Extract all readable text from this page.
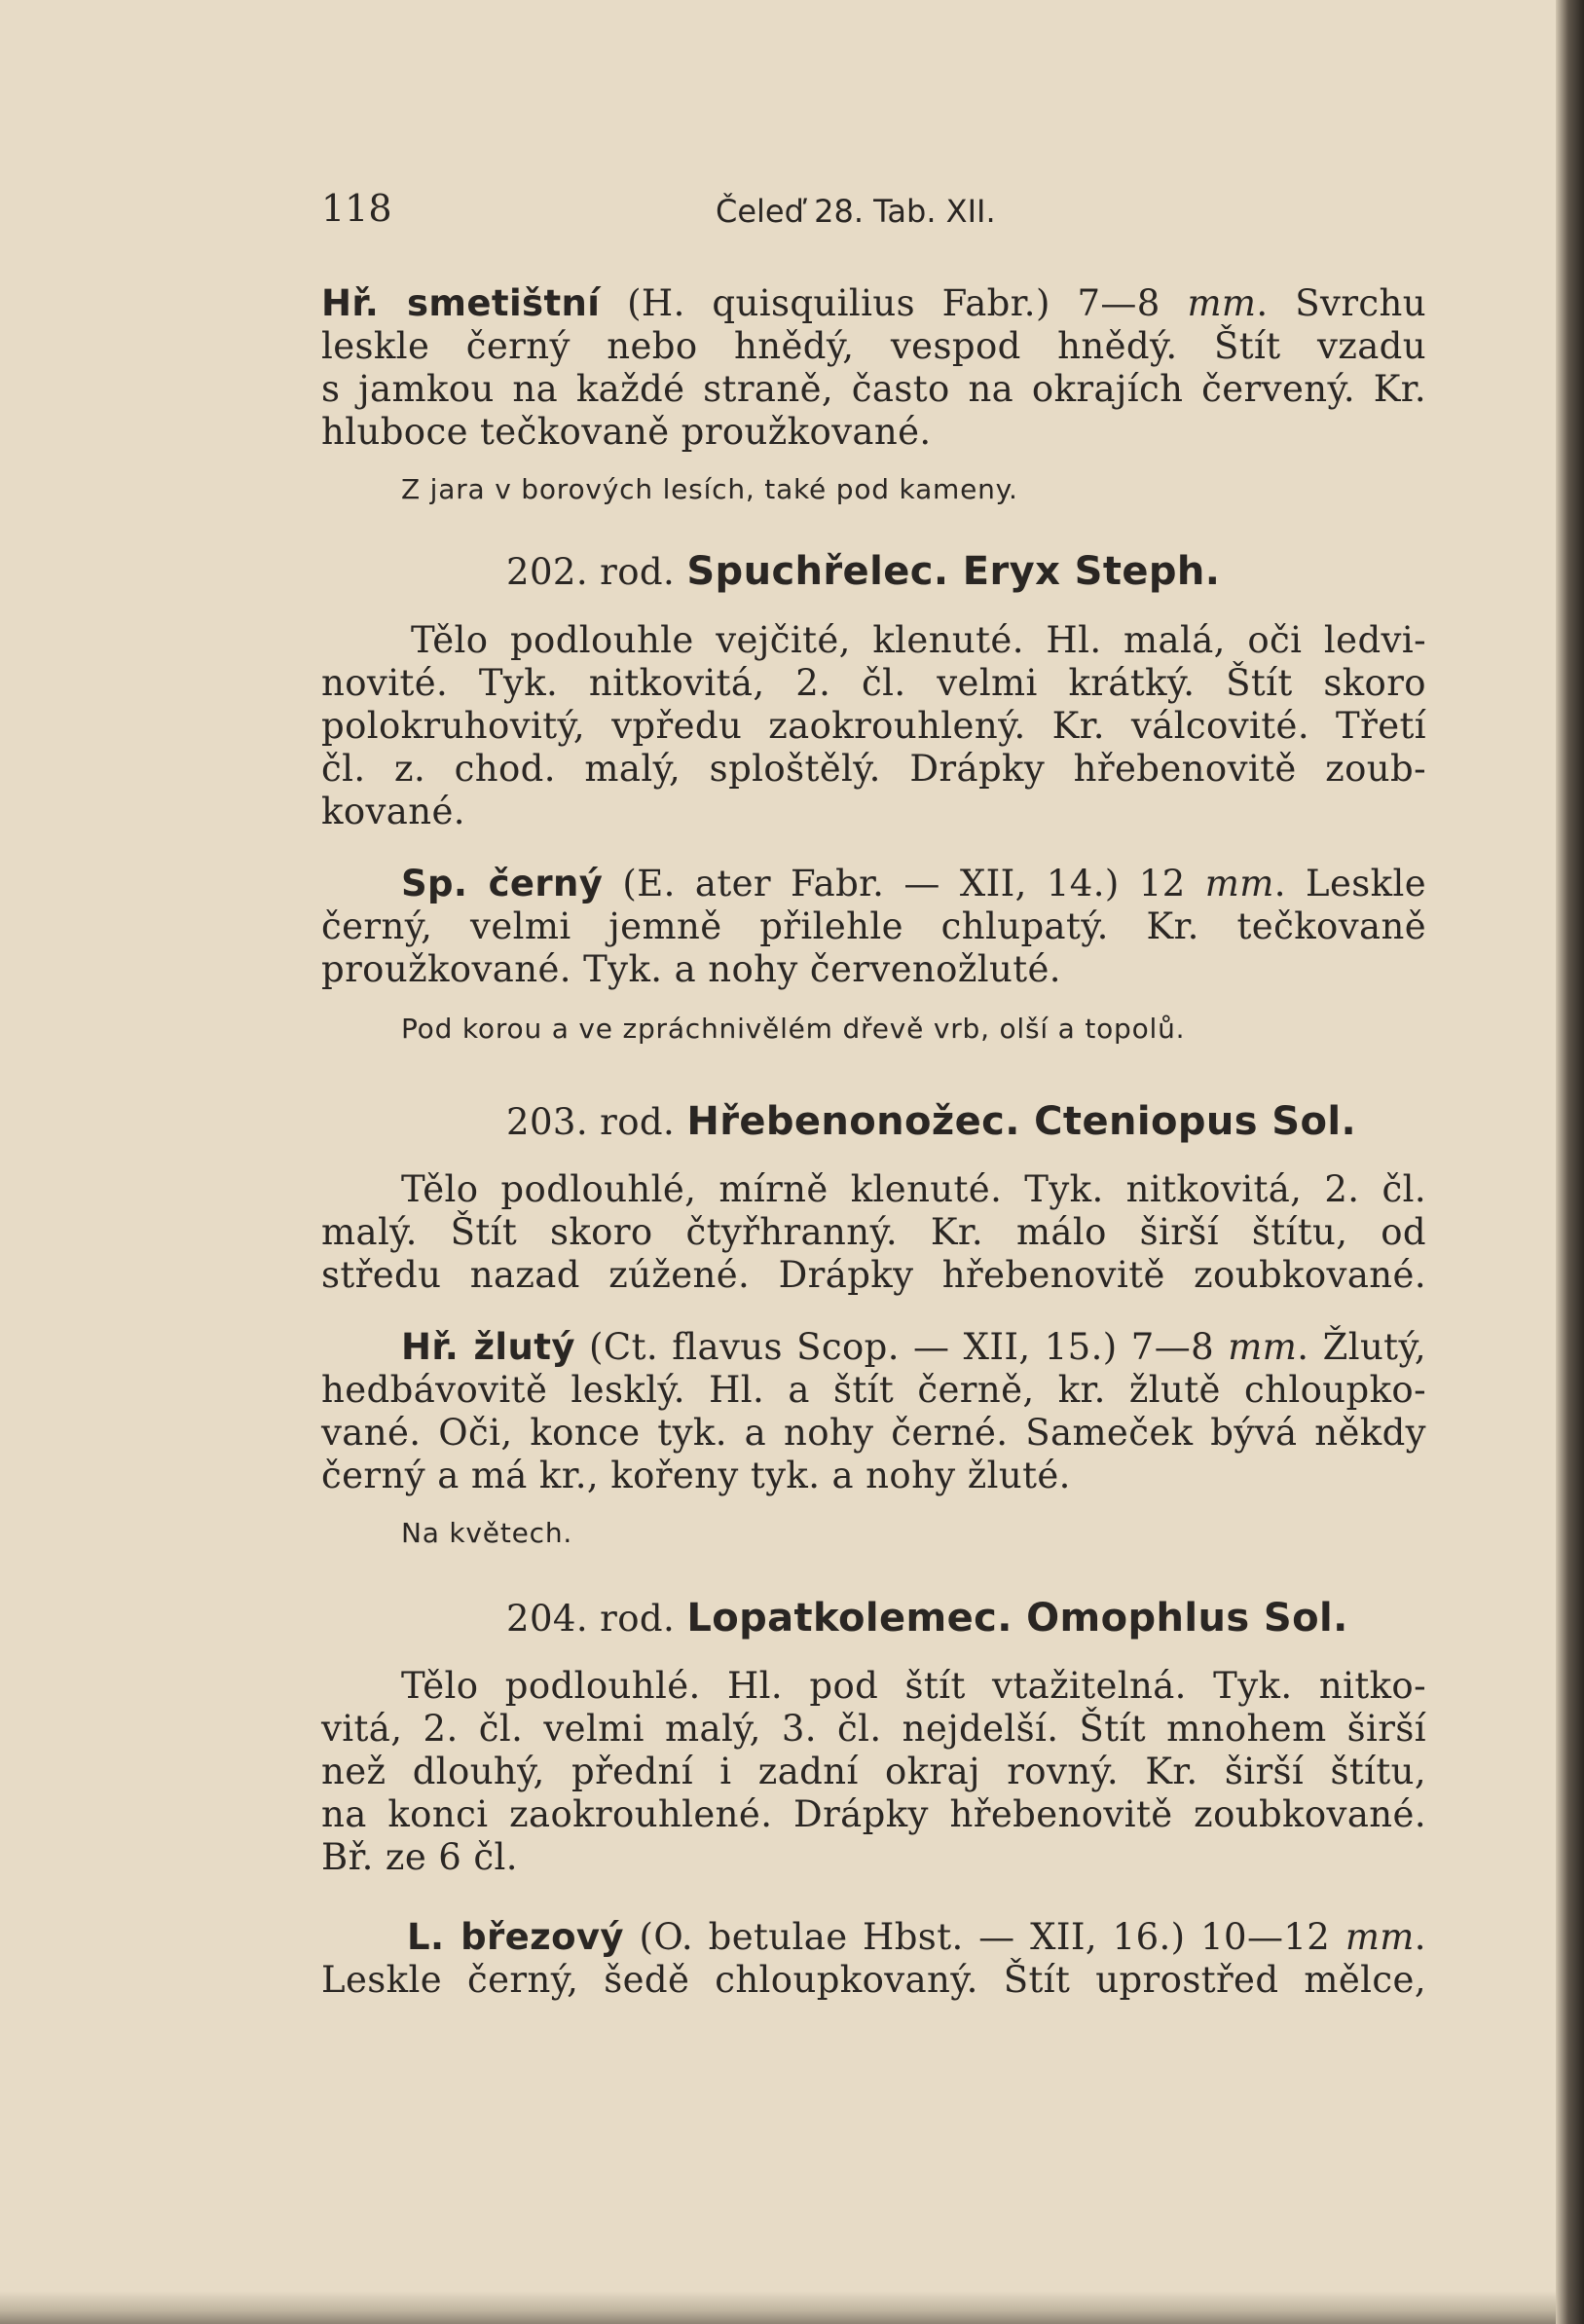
118	Čeleď 28. Tab. XII.
Hř. smetištní (H. quisquilius Fabr.) 7—8 mm. Svrchu
leskle černý nebo hnědý, vespod hnědý. Štít vzadu
s jamkou na každé straně, často na okrajích červený. Kr.
hluboce tečkovaně proužkované.
Z jara v borových lesích, také pod kameny.
202. rod. Spuchřelec. Eryx Steph.
Tělo podlouhle vejčité, klenuté. Hl. malá, oči ledvi-
novité. Tyk. nitkovitá, 2. čl. velmi krátký. Štít skoro
polokruhovitý, vpředu zaokrouhlený. Kr. válcovité. Třetí
čl. z. chod. malý, sploštělý. Drápky hřebenovitě zoub-
kované.
Sp. černý (E. ater Fabr. — XII, 14.) 12 mm. Leskle
černý, velmi jemně přilehle chlupatý. Kr. tečkovaně
proužkované. Tyk. a nohy červenožluté.
Pod korou a ve zpráchnivělém dřevě vrb, olší a topolů.
203. rod. Hřebenonožec. Cteniopus Sol.
Tělo podlouhlé, mírně klenuté. Tyk. nitkovitá, 2. čl.
malý. Štít skoro čtyřhranný. Kr. málo širší štítu, od
středu nazad zúžené. Drápky hřebenovitě zoubkované.
Hř. žlutý (Ct. flavus Scop. — XII, 15.) 7—8 mm. Žlutý,
hedbávovitě lesklý. Hl. a štít černě, kr. žlutě chloupko-
vané. Oči, konce tyk. a nohy černé. Sameček bývá někdy
černý a má kr., kořeny tyk. a nohy žluté.
Na květech.
204. rod. Lopatkolemec. Omophlus Sol.
Tělo podlouhlé. Hl. pod štít vtažitelná. Tyk. nitko-
vitá, 2. čl. velmi malý, 3. čl. nejdelší. Štít mnohem širší
než dlouhý, přední i zadní okraj rovný. Kr. širší štítu,
na konci zaokrouhlené. Drápky hřebenovitě zoubkované.
Bř. ze 6 čl.
L. březový (O. betulae Hbst. — XII, 16.) 10—12 mm.
Leskle černý, šedě chloupkovaný. Štít uprostřed mělce,
